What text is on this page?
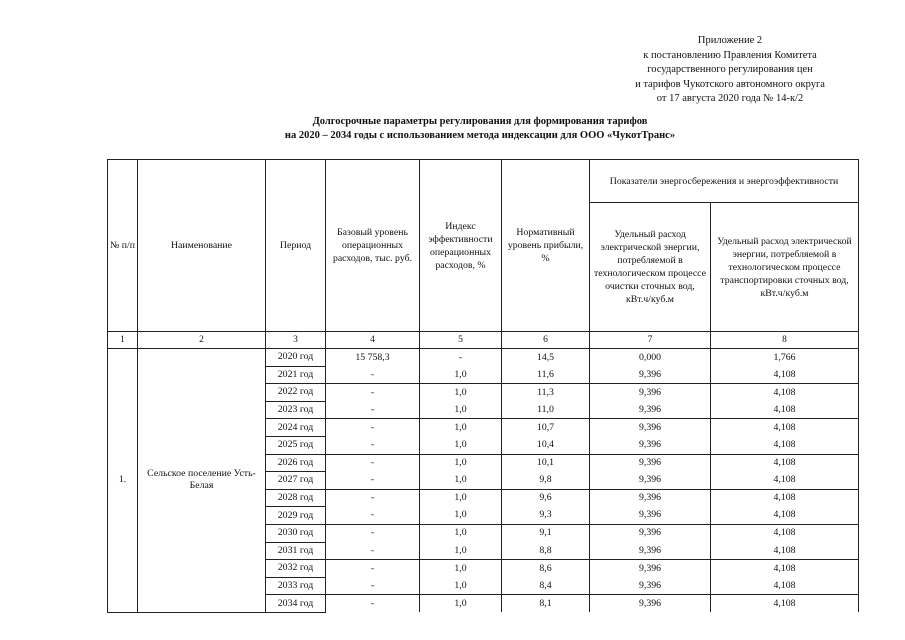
Приложение 2
к постановлению Правления Комитета
государственного регулирования цен
и тарифов Чукотского автономного округа
от 17 августа 2020 года № 14-к/2
Долгосрочные параметры регулирования для формирования тарифов
на 2020 – 2034 годы с использованием метода индексации для ООО «ЧукотТранс»
№ п/п	Наименование	Период	Базовый уровень операционных расходов, тыс. руб.	Индекс эффективности операционных расходов, %	Нормативный уровень прибыли, %	Показатели энергосбережения и энергоэффективности	
						Удельный расход электрической энергии, потребляемой в технологическом процессе очистки сточных вод, кВт.ч/куб.м	Удельный расход электрической энергии, потребляемой в технологическом процессе транспортировки сточных вод, кВт.ч/куб.м
1	2	3	4	5	6	7	8
1.	Сельское поселение Усть-Белая	2020 год	15 758,3	-	14,5	0,000	1,766
		2021 год	-	1,0	11,6	9,396	4,108
		2022 год	-	1,0	11,3	9,396	4,108
		2023 год	-	1,0	11,0	9,396	4,108
		2024 год	-	1,0	10,7	9,396	4,108
		2025 год	-	1,0	10,4	9,396	4,108
		2026 год	-	1,0	10,1	9,396	4,108
		2027 год	-	1,0	9,8	9,396	4,108
		2028 год	-	1,0	9,6	9,396	4,108
		2029 год	-	1,0	9,3	9,396	4,108
		2030 год	-	1,0	9,1	9,396	4,108
		2031 год	-	1,0	8,8	9,396	4,108
		2032 год	-	1,0	8,6	9,396	4,108
		2033 год	-	1,0	8,4	9,396	4,108
		2034 год	-	1,0	8,1	9,396	4,108
